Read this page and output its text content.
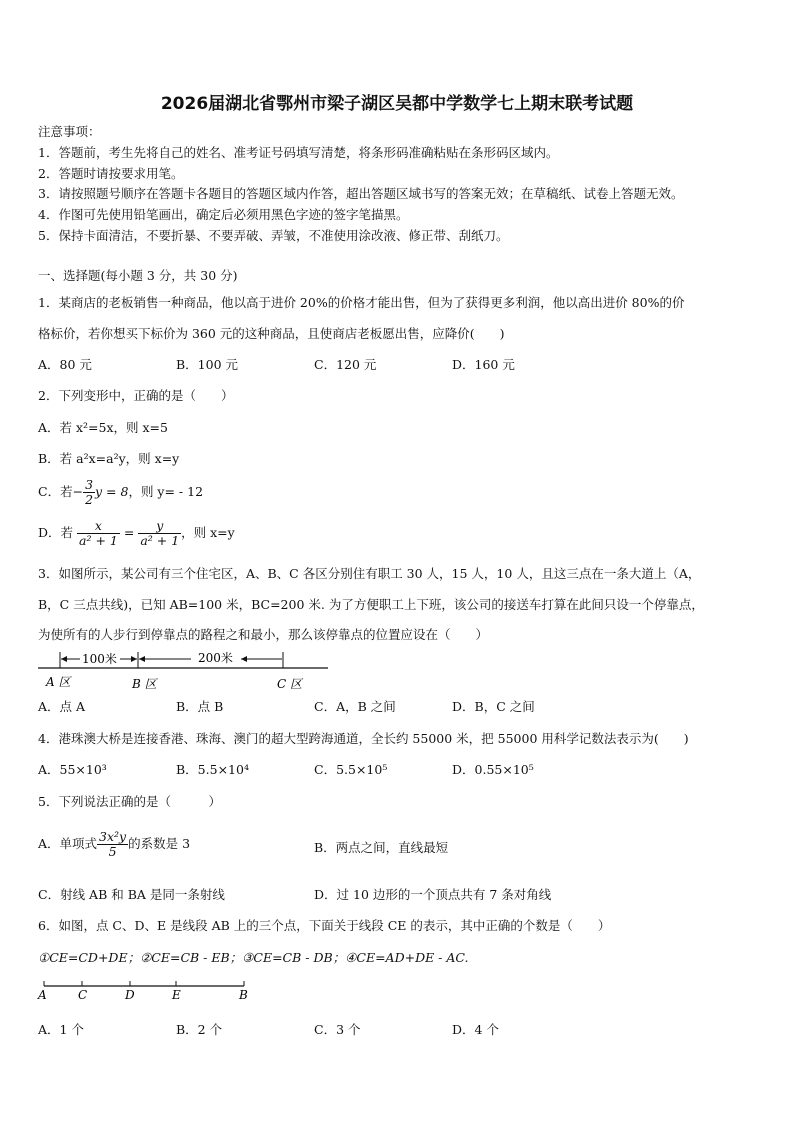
2026届湖北省鄂州市梁子湖区吴都中学数学七上期末联考试题
注意事项：
1．答题前，考生先将自己的姓名、准考证号码填写清楚，将条形码准确粘贴在条形码区域内。
2．答题时请按要求用笔。
3．请按照题号顺序在答题卡各题目的答题区域内作答，超出答题区域书写的答案无效；在草稿纸、试卷上答题无效。
4．作图可先使用铅笔画出，确定后必须用黑色字迹的签字笔描黑。
5．保持卡面清洁，不要折暴、不要弄破、弄皱，不准使用涂改液、修正带、刮纸刀。
一、选择题(每小题 3 分，共 30 分)
1．某商店的老板销售一种商品，他以高于进价 20%的价格才能出售，但为了获得更多利润，他以高出进价 80%的价
格标价，若你想买下标价为 360 元的这种商品，且使商店老板愿出售，应降价(　　)
A．80 元	B．100 元	C．120 元	D．160 元
2．下列变形中，正确的是（　　）
A．若 x²=5x，则 x=5
B．若 a²x=a²y，则 x=y
C．若− $\frac{3}{2}$ y = 8，则 y= - 12
D．若 $\frac{x}{\text{a² + 1}} = \frac{y}{\text{a² + 1}}$ ，则 x=y
3．如图所示，某公司有三个住宅区，A、B、C 各区分别住有职工 30 人，15 人，10 人，且这三点在一条大道上（A，
B，C 三点共线)，已知 AB=100 米，BC=200 米. 为了方便职工上下班，该公司的接送车打算在此间只设一个停靠点，
为使所有的人步行到停靠点的路程之和最小，那么该停靠点的位置应设在（　　）
100米	200米
A 区	B 区	C 区
A．点 A	B．点 B	C．A，B 之间	D．B，C 之间
4．港珠澳大桥是连接香港、珠海、澳门的超大型跨海通道，全长约 55000 米，把 55000 用科学记数法表示为(　　)
A．55×10³	B．5.5×10⁴	C．5.5×10⁵	D．0.55×10⁵
5．下列说法正确的是（　　　）
A．单项式 $\frac{\text{3x²y}}{5}$ 的系数是 3	B．两点之间，直线最短
C．射线 AB 和 BA 是同一条射线	D．过 10 边形的一个顶点共有 7 条对角线
6．如图，点 C、D、E 是线段 AB 上的三个点，下面关于线段 CE 的表示，其中正确的个数是（　　）
①CE=CD+DE；②CE=CB - EB；③CE=CB - DB；④CE=AD+DE - AC.
A	C	D	E	B
A．1 个	B．2 个	C．3 个	D．4 个
